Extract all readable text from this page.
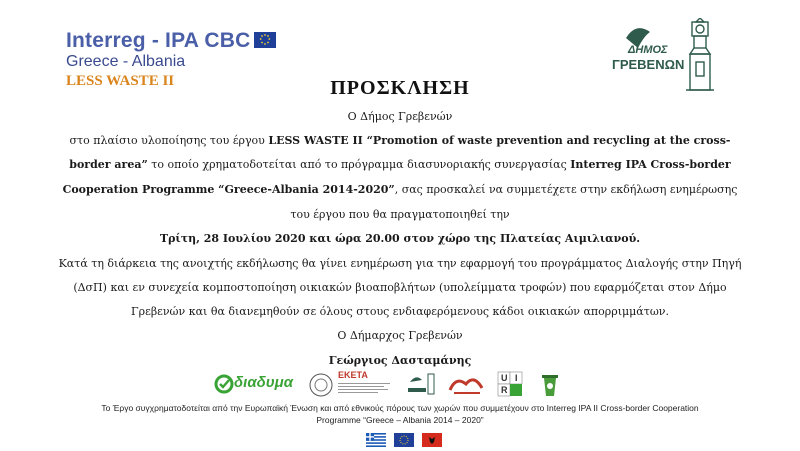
Interreg - IPA CBC
Greece - Albania
LESS WASTE II
ΔΗΜΟΣ
ΓΡΕΒΕΝΩΝ
ΠΡΟΣΚΛΗΣΗ
Ο Δήμος Γρεβενών
στο πλαίσιο υλοποίησης του έργου LESS WASTE II “Promotion of waste prevention and recycling at the cross-
border area” το οποίο χρηματοδοτείται από το πρόγραμμα διασυνοριακής συνεργασίας Interreg IPA Cross-border
Cooperation Programme “Greece-Albania 2014-2020”, σας προσκαλεί να συμμετέχετε στην εκδήλωση ενημέρωσης
του έργου που θα πραγματοποιηθεί την
Τρίτη, 28 Ιουλίου 2020 και ώρα 20.00 στον χώρο της Πλατείας Αιμιλιανού.
Κατά τη διάρκεια της ανοιχτής εκδήλωσης θα γίνει ενημέρωση για την εφαρμογή του προγράμματος Διαλογής στην Πηγή
(ΔσΠ) και εν συνεχεία κομποστοποίηση οικιακών βιοαποβλήτων (υπολείμματα τροφών) που εφαρμόζεται στον Δήμο
Γρεβενών και θα διανεμηθούν σε όλους στους ενδιαφερόμενους κάδοι οικιακών απορριμμάτων.
Ο Δήμαρχος Γρεβενών
Γεώργιος Δασταμάνης
διαδυμα	ΕΚΕΤΑ	U
R
I
Το Έργο συγχρηματοδοτείται από την Ευρωπαϊκή Ένωση και από εθνικούς πόρους των χωρών που συμμετέχουν στο Interreg IPA II Cross-border Cooperation
Programme “Greece – Albania 2014 – 2020”
